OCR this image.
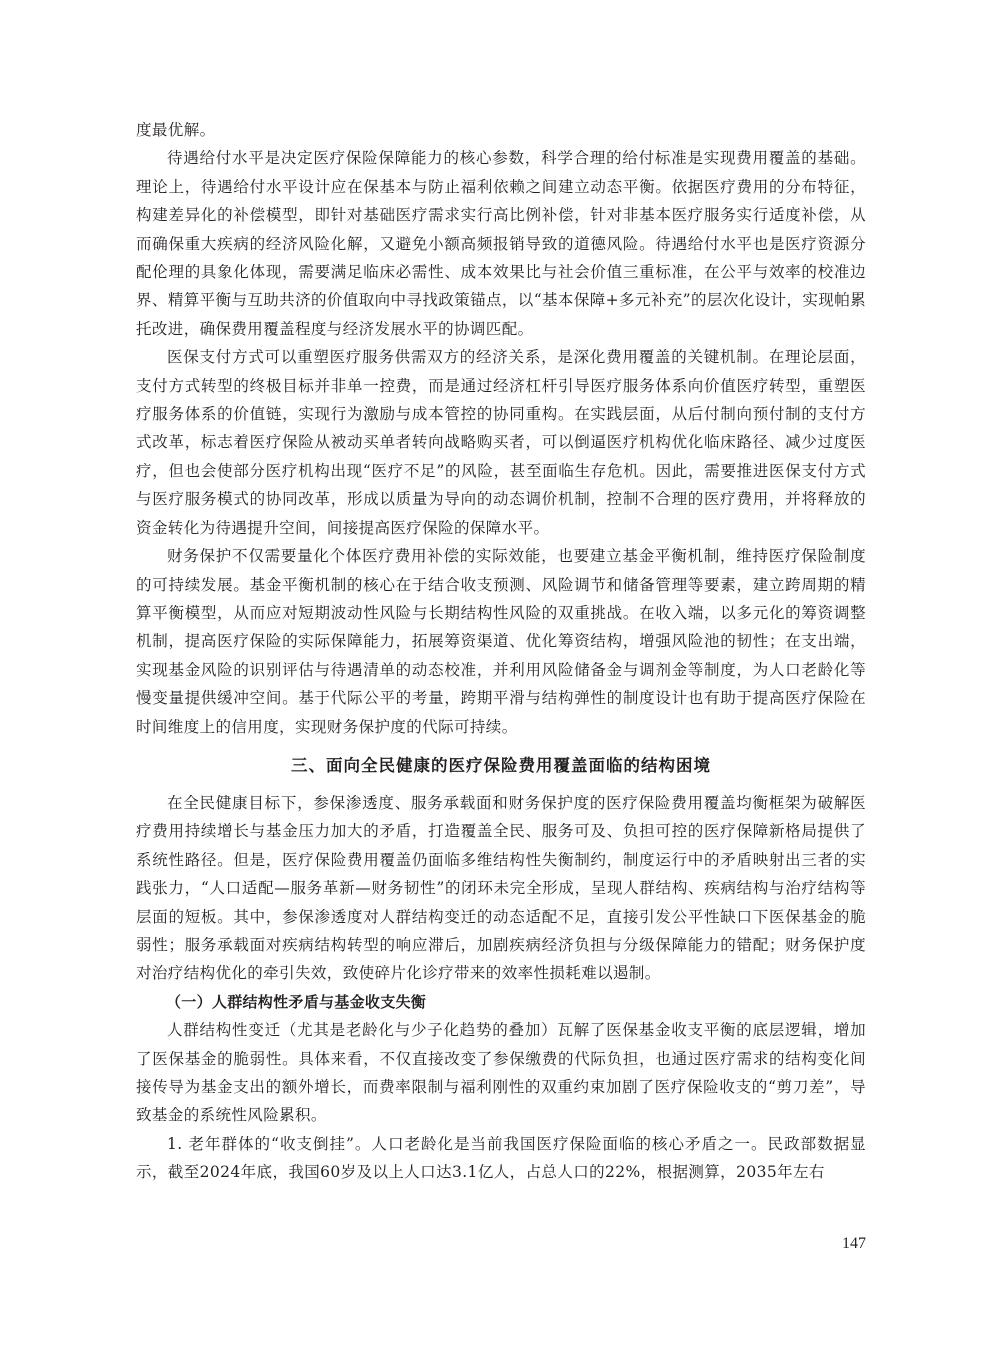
度最优解。

待遇给付水平是决定医疗保险保障能力的核心参数，科学合理的给付标准是实现费用覆盖的基础。理论上，待遇给付水平设计应在保基本与防止福利依赖之间建立动态平衡。依据医疗费用的分布特征，构建差异化的补偿模型，即针对基础医疗需求实行高比例补偿，针对非基本医疗服务实行适度补偿，从而确保重大疾病的经济风险化解，又避免小额高频报销导致的道德风险。待遇给付水平也是医疗资源分配伦理的具象化体现，需要满足临床必需性、成本效果比与社会价值三重标准，在公平与效率的校准边界、精算平衡与互助共济的价值取向中寻找政策锚点，以“基本保障+多元补充”的层次化设计，实现帕累托改进，确保费用覆盖程度与经济发展水平的协调匹配。

医保支付方式可以重塑医疗服务供需双方的经济关系，是深化费用覆盖的关键机制。在理论层面，支付方式转型的终极目标并非单一控费，而是通过经济杠杆引导医疗服务体系向价值医疗转型，重塑医疗服务体系的价值链，实现行为激励与成本管控的协同重构。在实践层面，从后付制向预付制的支付方式改革，标志着医疗保险从被动买单者转向战略购买者，可以倒逼医疗机构优化临床路径、减少过度医疗，但也会使部分医疗机构出现“医疗不足”的风险，甚至面临生存危机。因此，需要推进医保支付方式与医疗服务模式的协同改革，形成以质量为导向的动态调价机制，控制不合理的医疗费用，并将释放的资金转化为待遇提升空间，间接提高医疗保险的保障水平。

财务保护不仅需要量化个体医疗费用补偿的实际效能，也要建立基金平衡机制，维持医疗保险制度的可持续发展。基金平衡机制的核心在于结合收支预测、风险调节和储备管理等要素，建立跨周期的精算平衡模型，从而应对短期波动性风险与长期结构性风险的双重挑战。在收入端，以多元化的筹资调整机制，提高医疗保险的实际保障能力，拓展筹资渠道、优化筹资结构，增强风险池的韧性；在支出端，实现基金风险的识别评估与待遇清单的动态校准，并利用风险储备金与调剂金等制度，为人口老龄化等慢变量提供缓冲空间。基于代际公平的考量，跨期平滑与结构弹性的制度设计也有助于提高医疗保险在时间维度上的信用度，实现财务保护度的代际可持续。

三、面向全民健康的医疗保险费用覆盖面临的结构困境

在全民健康目标下，参保渗透度、服务承载面和财务保护度的医疗保险费用覆盖均衡框架为破解医疗费用持续增长与基金压力加大的矛盾，打造覆盖全民、服务可及、负担可控的医疗保障新格局提供了系统性路径。但是，医疗保险费用覆盖仍面临多维结构性失衡制约，制度运行中的矛盾映射出三者的实践张力，“人口适配—服务革新—财务韧性”的闭环未完全形成，呈现人群结构、疾病结构与治疗结构等层面的短板。其中，参保渗透度对人群结构变迁的动态适配不足，直接引发公平性缺口下医保基金的脆弱性；服务承载面对疾病结构转型的响应滞后，加剧疾病经济负担与分级保障能力的错配；财务保护度对治疗结构优化的牵引失效，致使碎片化诊疗带来的效率性损耗难以遏制。

（一）人群结构性矛盾与基金收支失衡

人群结构性变迁（尤其是老龄化与少子化趋势的叠加）瓦解了医保基金收支平衡的底层逻辑，增加了医保基金的脆弱性。具体来看，不仅直接改变了参保缴费的代际负担，也通过医疗需求的结构变化间接传导为基金支出的额外增长，而费率限制与福利刚性的双重约束加剧了医疗保险收支的“剪刀差”，导致基金的系统性风险累积。

1. 老年群体的“收支倒挂”。人口老龄化是当前我国医疗保险面临的核心矛盾之一。民政部数据显示，截至2024年底，我国60岁及以上人口达3.1亿人，占总人口的22%，根据测算，2035年左右

147
